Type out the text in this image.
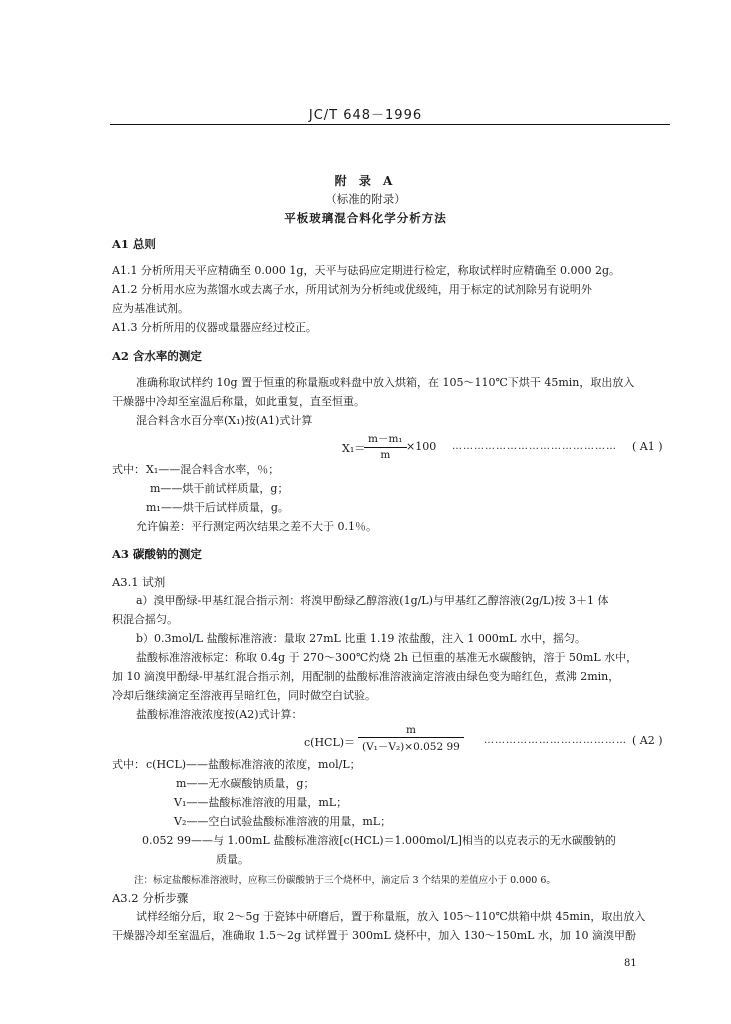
JC/T 648－1996
附 录 A
（标准的附录）
平板玻璃混合料化学分析方法
A1 总则
A1.1 分析所用天平应精确至 0.000 1g，天平与砝码应定期进行检定，称取试样时应精确至 0.000 2g。
A1.2 分析用水应为蒸馏水或去离子水，所用试剂为分析纯或优级纯，用于标定的试剂除另有说明外
应为基准试剂。
A1.3 分析所用的仪器或量器应经过校正。
A2 含水率的测定
准确称取试样约 10g 置于恒重的称量瓶或料盘中放入烘箱，在 105～110℃下烘干 45min，取出放入
干燥器中冷却至室温后称量，如此重复，直至恒重。
混合料含水百分率(X₁)按(A1)式计算
X₁＝
m－m₁
m
×100 ……………………………………… ( A1 )
式中： X₁——混合料含水率，％；
m——烘干前试样质量，g；
m₁——烘干后试样质量，g。
允许偏差：平行测定两次结果之差不大于 0.1％。
A3 碳酸钠的测定
A3.1 试剂
a）溴甲酚绿-甲基红混合指示剂：将溴甲酚绿乙醇溶液(1g/L)与甲基红乙醇溶液(2g/L)按 3＋1 体
积混合摇匀。
b）0.3mol/L 盐酸标准溶液：量取 27mL 比重 1.19 浓盐酸，注入 1 000mL 水中，摇匀。
盐酸标准溶液标定：称取 0.4g 于 270～300℃灼烧 2h 已恒重的基准无水碳酸钠，溶于 50mL 水中，
加 10 滴溴甲酚绿-甲基红混合指示剂，用配制的盐酸标准溶液滴定溶液由绿色变为暗红色，煮沸 2min，
冷却后继续滴定至溶液再呈暗红色，同时做空白试验。
盐酸标准溶液浓度按(A2)式计算：
c(HCL)＝
m
(V₁－V₂)×0.052 99
………………………………… ( A2 )
式中： c(HCL)——盐酸标准溶液的浓度，mol/L；
m——无水碳酸钠质量，g；
V₁——盐酸标准溶液的用量，mL；
V₂——空白试验盐酸标准溶液的用量，mL；
0.052 99——与 1.00mL 盐酸标准溶液[c(HCL)＝1.000mol/L]相当的以克表示的无水碳酸钠的
质量。
注：标定盐酸标准溶液时，应称三份碳酸钠于三个烧杯中，滴定后 3 个结果的差值应小于 0.000 6。
A3.2 分析步骤
试样经缩分后，取 2～5g 于瓷钵中研磨后，置于称量瓶，放入 105～110℃烘箱中烘 45min，取出放入
干燥器冷却至室温后，准确取 1.5～2g 试样置于 300mL 烧杯中，加入 130～150mL 水，加 10 滴溴甲酚
81
